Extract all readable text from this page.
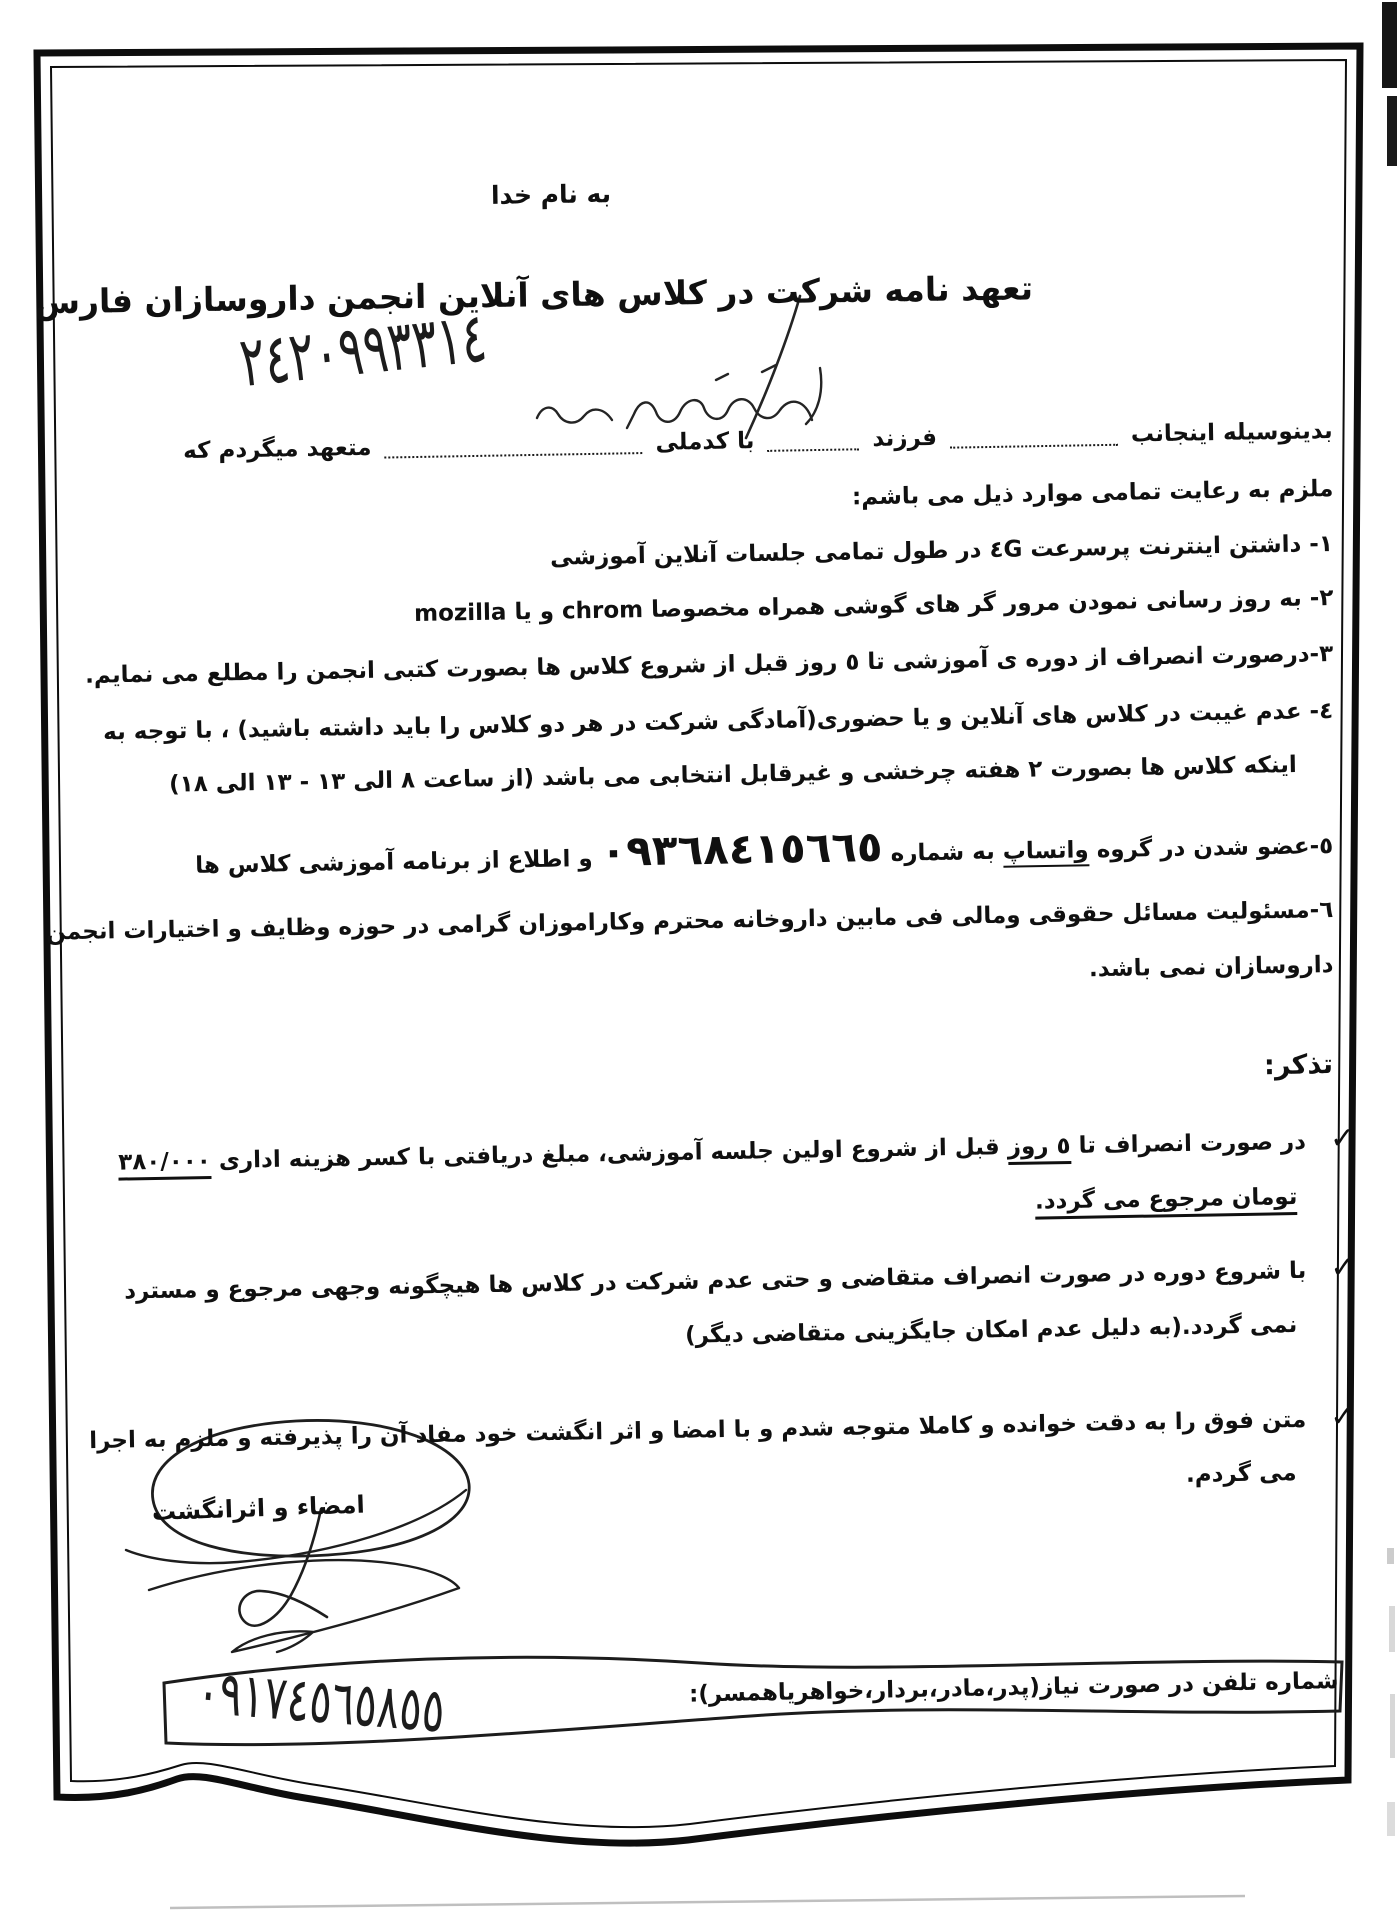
به نام خدا
تعهد نامه شرکت در کلاس های آنلاین انجمن داروسازان فارس
بدینوسیله اینجانب  فرزند  با کدملی  متعهد میگردم که
ملزم به رعایت تمامی موارد ذیل می باشم:
١- داشتن اینترنت پرسرعت ٤G در طول تمامی جلسات آنلاین آموزشی
٢- به روز رسانی نمودن مرور گر های گوشی همراه مخصوصا chrom و یا mozilla
٣-درصورت انصراف از دوره ی آموزشی تا ٥ روز قبل از شروع کلاس ها بصورت کتبی انجمن را مطلع می نمایم.
٤- عدم غیبت در کلاس های آنلاین و یا حضوری(آمادگی شرکت در هر دو کلاس را باید داشته باشید) ، با توجه به
اینکه کلاس ها بصورت ٢ هفته چرخشی و غیرقابل انتخابی می باشد (از ساعت ٨ الی ١٣ - ١٣ الی ١٨)
٥-عضو شدن در گروه واتساپ به شماره ٠٩٣٦٨٤١٥٦٦٥ و اطلاع از برنامه آموزشی کلاس ها
٦-مسئولیت مسائل حقوقی ومالی فی مابین داروخانه محترم وکاراموزان گرامی در حوزه وظایف و اختیارات انجمن
داروسازان نمی باشد.
تذکر:
✓ در صورت انصراف تا ٥ روز قبل از شروع اولین جلسه آموزشی، مبلغ دریافتی با کسر هزینه اداری ٣٨٠/٠٠٠
تومان مرجوع می گردد.
✓ با شروع دوره در صورت انصراف متقاضی و حتی عدم شرکت در کلاس ها هیچگونه وجهی مرجوع و مسترد
نمی گردد.(به دلیل عدم امکان جایگزینی متقاضی دیگر)
✓ متن فوق را به دقت خوانده و کاملا متوجه شدم و با امضا و اثر انگشت خود مفاد آن را پذیرفته و ملزم به اجرا
می گردم.
امضاء و اثرانگشت
شماره تلفن در صورت نیاز(پدر،مادر،بردار،خواهریاهمسر):
٢٤٢٠٩٩٣٣١٤
٠٩١٧٤٥٦٥٨٥٥
